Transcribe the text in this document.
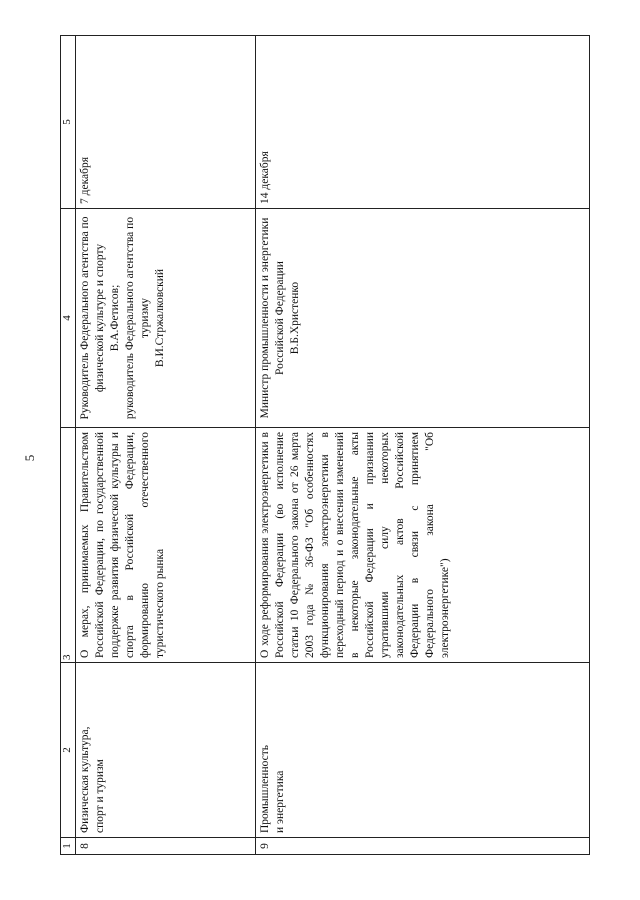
5
1	2	3	4	5
8	Физическая культура,
спорт и туризм	О мерах, принимаемых Правительством Российской Федерации, по государственной поддержке развития физической культуры и спорта в Российской Федерации, формированию отечественного туристического рынка	Руководитель Федерального агентства по физической культуре и спорту
В.А.Фетисов;
руководитель Федерального агентства по туризму
В.И.Стржалковский	7 декабря
9	Промышленность
и энергетика	О ходе реформирования электроэнергетики в Российской Федерации (во исполнение статьи 10 Федерального закона от 26 марта 2003 года № 36-ФЗ "Об особенностях функционирования электроэнергетики в переходный период и о внесении изменений в некоторые законодательные акты Российской Федерации и признании утратившими силу некоторых законодательных актов Российской Федерации в связи с принятием Федерального закона "Об электроэнергетике")	Министр промышленности и энергетики Российской Федерации
В.Б.Христенко	14 декабря
